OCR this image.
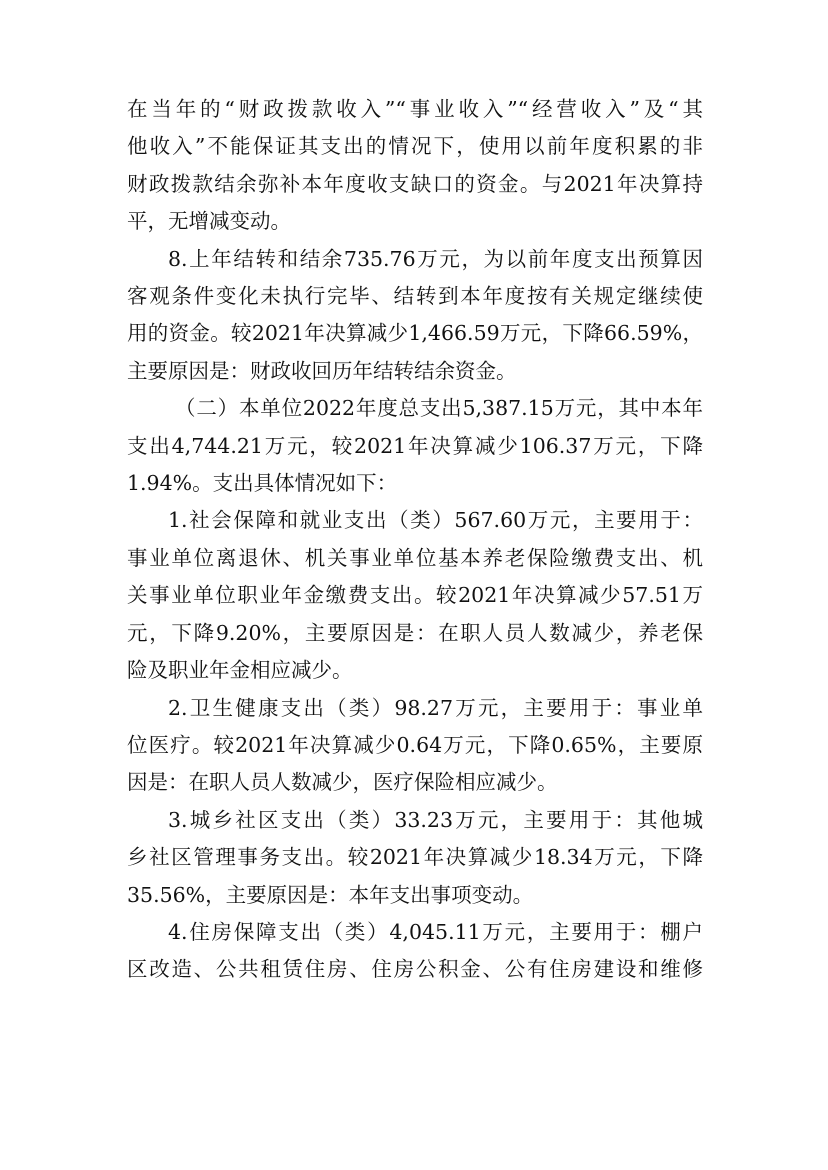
在当年的“财政拨款收入”“事业收入”“经营收入”及“其
他收入”不能保证其支出的情况下，使用以前年度积累的非
财政拨款结余弥补本年度收支缺口的资金。与2021年决算持
平，无增减变动。

8.上年结转和结余735.76万元，为以前年度支出预算因
客观条件变化未执行完毕、结转到本年度按有关规定继续使
用的资金。较2021年决算减少1,466.59万元，下降66.59%，
主要原因是：财政收回历年结转结余资金。

（二）本单位2022年度总支出5,387.15万元，其中本年
支出4,744.21万元，较2021年决算减少106.37万元，下降
1.94%。支出具体情况如下：

1.社会保障和就业支出（类）567.60万元，主要用于：
事业单位离退休、机关事业单位基本养老保险缴费支出、机
关事业单位职业年金缴费支出。较2021年决算减少57.51万
元，下降9.20%，主要原因是：在职人员人数减少，养老保
险及职业年金相应减少。

2.卫生健康支出（类）98.27万元，主要用于：事业单
位医疗。较2021年决算减少0.64万元，下降0.65%，主要原
因是：在职人员人数减少，医疗保险相应减少。

3.城乡社区支出（类）33.23万元，主要用于：其他城
乡社区管理事务支出。较2021年决算减少18.34万元，下降
35.56%，主要原因是：本年支出事项变动。

4.住房保障支出（类）4,045.11万元，主要用于：棚户
区改造、公共租赁住房、住房公积金、公有住房建设和维修
